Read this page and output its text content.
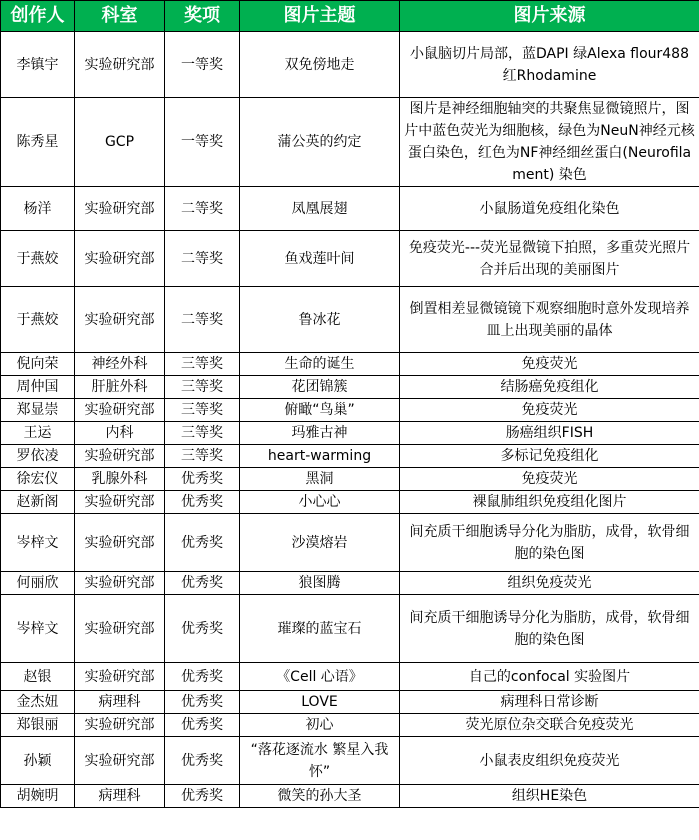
创作人	科室	奖项	图片主题	图片来源
李镇宇	实验研究部	一等奖	双免傍地走	小鼠脑切片局部，蓝DAPI 绿Alexa flour488 红Rhodamine
陈秀星	GCP	一等奖	蒲公英的约定	图片是神经细胞轴突的共聚焦显微镜照片，图片中蓝色荧光为细胞核，绿色为NeuN神经元核蛋白染色，红色为NF神经细丝蛋白(Neurofilament) 染色
杨洋	实验研究部	二等奖	凤凰展翅	小鼠肠道免疫组化染色
于燕姣	实验研究部	二等奖	鱼戏莲叶间	免疫荧光---荧光显微镜下拍照，多重荧光照片合并后出现的美丽图片
于燕姣	实验研究部	二等奖	鲁冰花	倒置相差显微镜镜下观察细胞时意外发现培养皿上出现美丽的晶体
倪向荣	神经外科	三等奖	生命的诞生	免疫荧光
周仲国	肝脏外科	三等奖	花团锦簇	结肠癌免疫组化
郑显崇	实验研究部	三等奖	俯瞰“鸟巢”	免疫荧光
王运	内科	三等奖	玛雅古神	肠癌组织FISH
罗依凌	实验研究部	三等奖	heart-warming	多标记免疫组化
徐宏仪	乳腺外科	优秀奖	黑洞	免疫荧光
赵新阁	实验研究部	优秀奖	小心心	裸鼠肺组织免疫组化图片
岑梓文	实验研究部	优秀奖	沙漠熔岩	间充质干细胞诱导分化为脂肪，成骨，软骨细胞的染色图
何丽欣	实验研究部	优秀奖	狼图腾	组织免疫荧光
岑梓文	实验研究部	优秀奖	璀璨的蓝宝石	间充质干细胞诱导分化为脂肪，成骨，软骨细胞的染色图
赵银	实验研究部	优秀奖	《Cell 心语》	自己的confocal 实验图片
金杰妞	病理科	优秀奖	LOVE	病理科日常诊断
郑银丽	实验研究部	优秀奖	初心	荧光原位杂交联合免疫荧光
孙颖	实验研究部	优秀奖	“落花逐流水 繁星入我怀”	小鼠表皮组织免疫荧光
胡婉明	病理科	优秀奖	微笑的孙大圣	组织HE染色
